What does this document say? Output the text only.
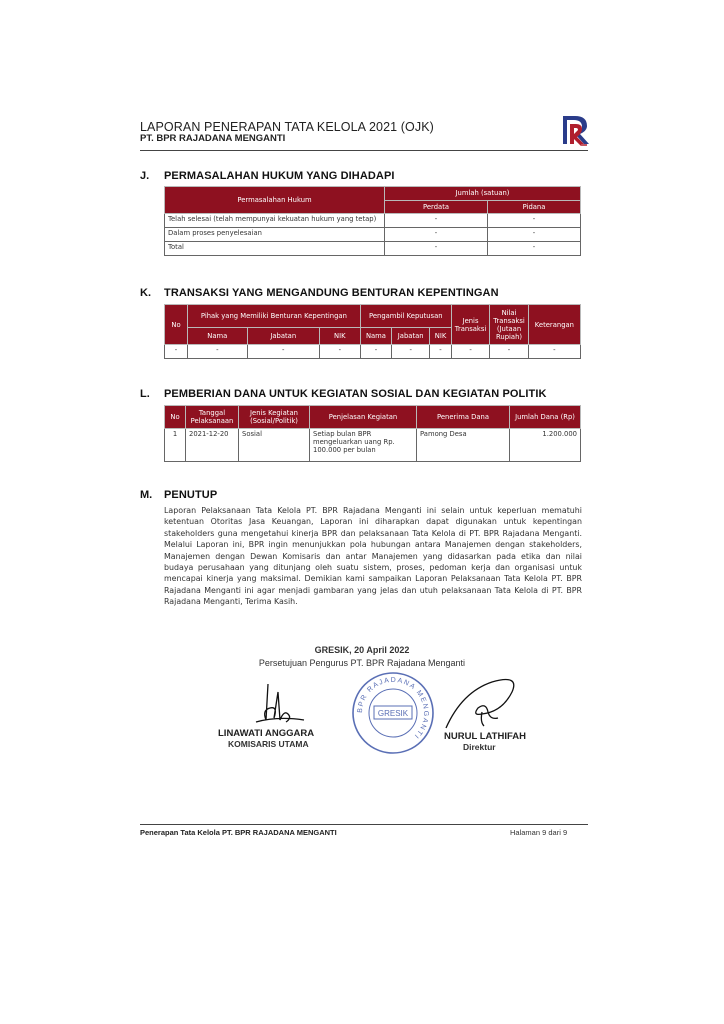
LAPORAN PENERAPAN TATA KELOLA 2021 (OJK)
PT. BPR RAJADANA MENGANTI
J. PERMASALAHAN HUKUM YANG DIHADAPI
Permasalahan Hukum	Jumlah (satuan)	
	Perdata	Pidana
Telah selesai (telah mempunyai kekuatan hukum yang tetap)	-	-
Dalam proses penyelesaian	-	-
Total	-	-
K. TRANSAKSI YANG MENGANDUNG BENTURAN KEPENTINGAN
No	Pihak yang Memiliki Benturan Kepentingan			Pengambil Keputusan			Jenis Transaksi	Nilai Transaksi (Jutaan Rupiah)	Keterangan
	Nama	Jabatan	NIK	Nama	Jabatan	NIK			
-	-	-	-	-	-	-	-	-	-
L. PEMBERIAN DANA UNTUK KEGIATAN SOSIAL DAN KEGIATAN POLITIK
No	Tanggal Pelaksanaan	Jenis Kegiatan (Sosial/Politik)	Penjelasan Kegiatan	Penerima Dana	Jumlah Dana (Rp)
1	2021-12-20	Sosial	Setiap bulan BPR mengeluarkan uang Rp. 100.000 per bulan	Pamong Desa	1.200.000
M. PENUTUP
Laporan Pelaksanaan Tata Kelola PT. BPR Rajadana Menganti ini selain untuk keperluan mematuhi ketentuan Otoritas Jasa Keuangan, Laporan ini diharapkan dapat digunakan untuk kepentingan stakeholders guna mengetahui kinerja BPR dan pelaksanaan Tata Kelola di PT. BPR Rajadana Menganti. Melalui Laporan ini, BPR ingin menunjukkan pola hubungan antara Manajemen dengan stakeholders, Manajemen dengan Dewan Komisaris dan antar Manajemen yang didasarkan pada etika dan nilai budaya perusahaan yang ditunjang oleh suatu sistem, proses, pedoman kerja dan organisasi untuk mencapai kinerja yang maksimal. Demikian kami sampaikan Laporan Pelaksanaan Tata Kelola PT. BPR Rajadana Menganti ini agar menjadi gambaran yang jelas dan utuh pelaksanaan Tata Kelola di PT. BPR Rajadana Menganti, Terima Kasih.
GRESIK, 20 April 2022
Persetujuan Pengurus PT. BPR Rajadana Menganti
LINAWATI ANGGARA
KOMISARIS UTAMA
BPR RAJADANA MENGANTI
GRESIK
NURUL LATHIFAH
Direktur
Penerapan Tata Kelola PT. BPR RAJADANA MENGANTI	Halaman 9 dari 9
